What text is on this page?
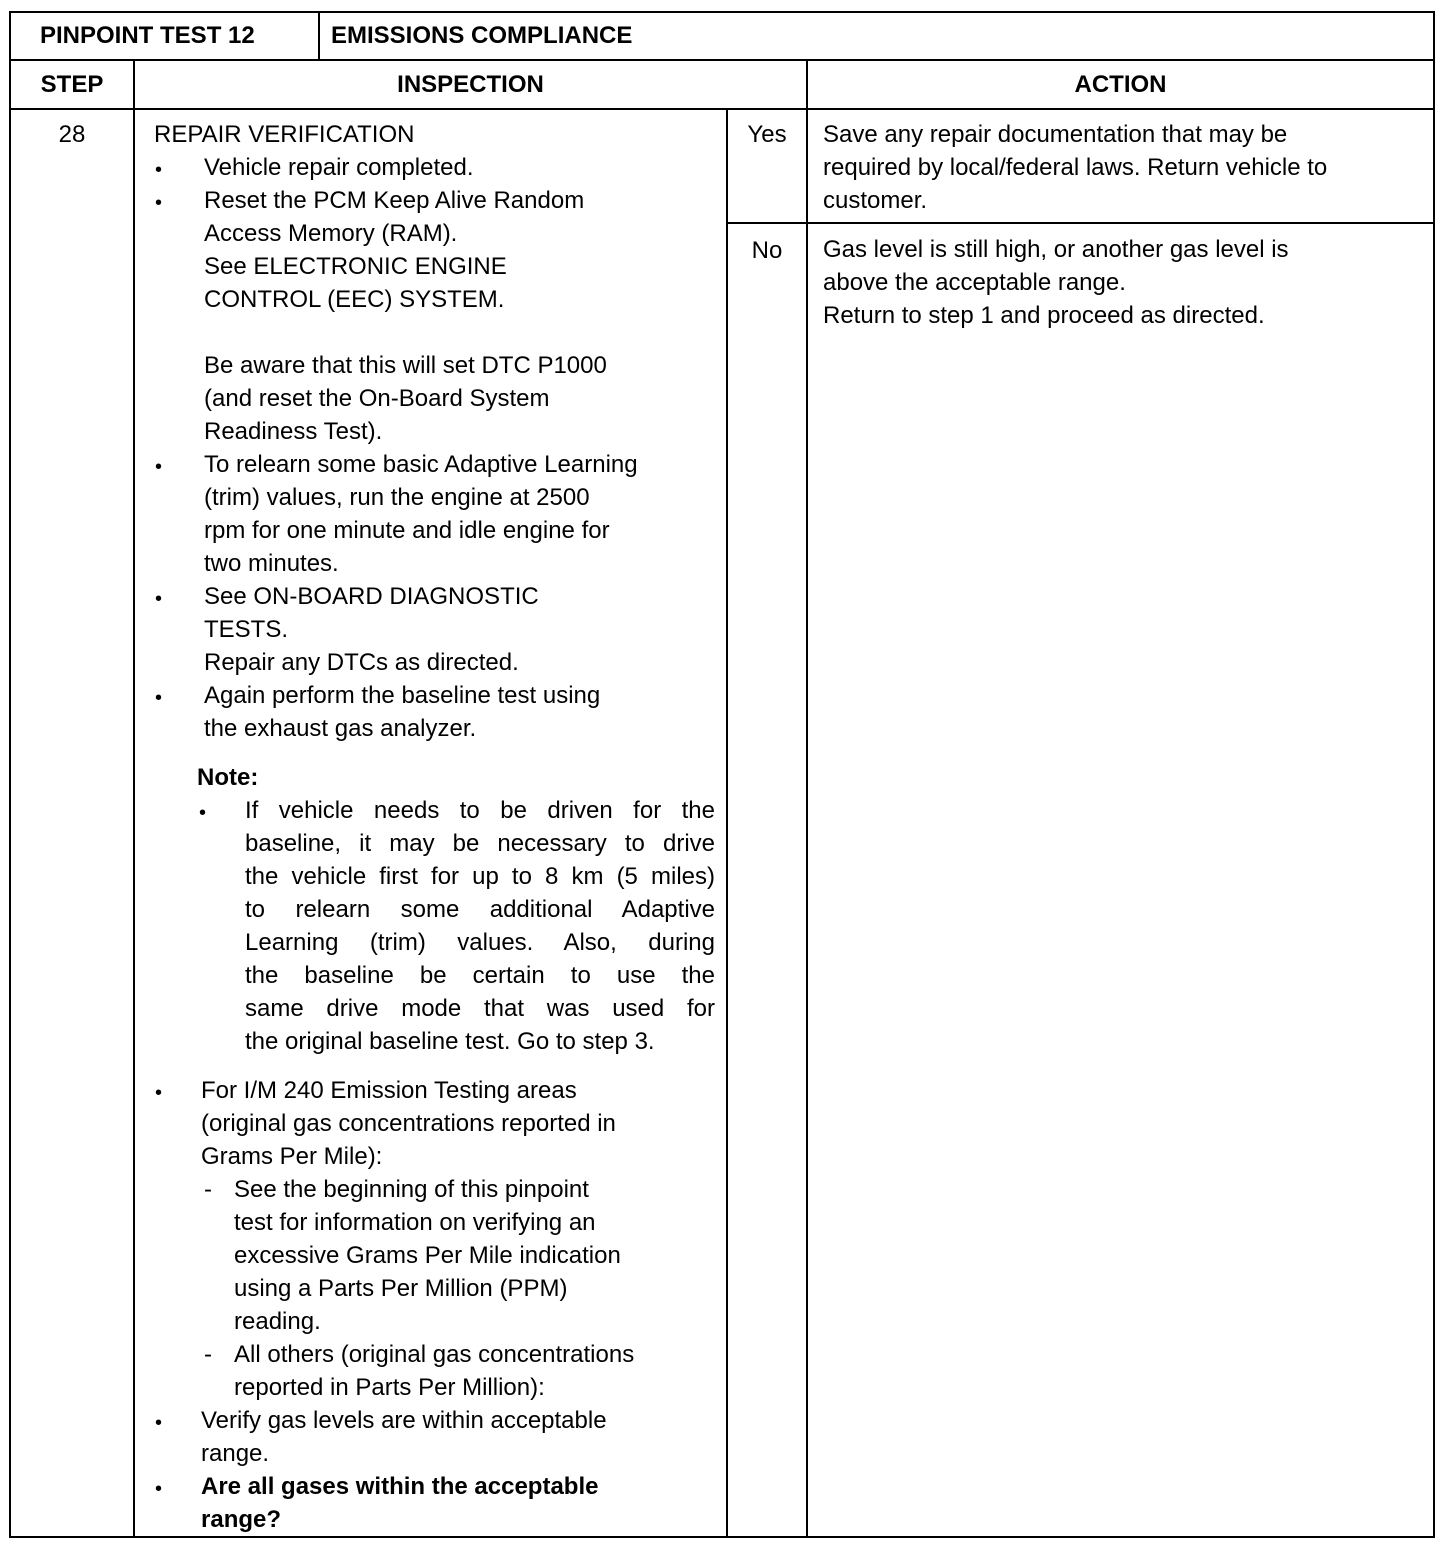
PINPOINT TEST 12	EMISSIONS COMPLIANCE
STEP	INSPECTION	ACTION
28	REPAIR VERIFICATION
• Vehicle repair completed.
• Reset the PCM Keep Alive Random
Access Memory (RAM).
See ELECTRONIC ENGINE
CONTROL (EEC) SYSTEM.
Be aware that this will set DTC P1000
(and reset the On-Board System
Readiness Test).
• To relearn some basic Adaptive Learning
(trim) values, run the engine at 2500
rpm for one minute and idle engine for
two minutes.
• See ON-BOARD DIAGNOSTIC
TESTS.
Repair any DTCs as directed.
• Again perform the baseline test using
the exhaust gas analyzer.
Note:
• If vehicle needs to be driven for the
baseline, it may be necessary to drive
the vehicle first for up to 8 km (5 miles)
to relearn some additional Adaptive
Learning (trim) values. Also, during
the baseline be certain to use the
same drive mode that was used for
the original baseline test. Go to step 3.
• For I/M 240 Emission Testing areas
(original gas concentrations reported in
Grams Per Mile):
- See the beginning of this pinpoint
test for information on verifying an
excessive Grams Per Mile indication
using a Parts Per Million (PPM)
reading.
- All others (original gas concentrations
reported in Parts Per Million):
• Verify gas levels are within acceptable
range.
• Are all gases within the acceptable
range?
Yes	Save any repair documentation that may be
required by local/federal laws. Return vehicle to
customer.
No	Gas level is still high, or another gas level is
above the acceptable range.
Return to step 1 and proceed as directed.
